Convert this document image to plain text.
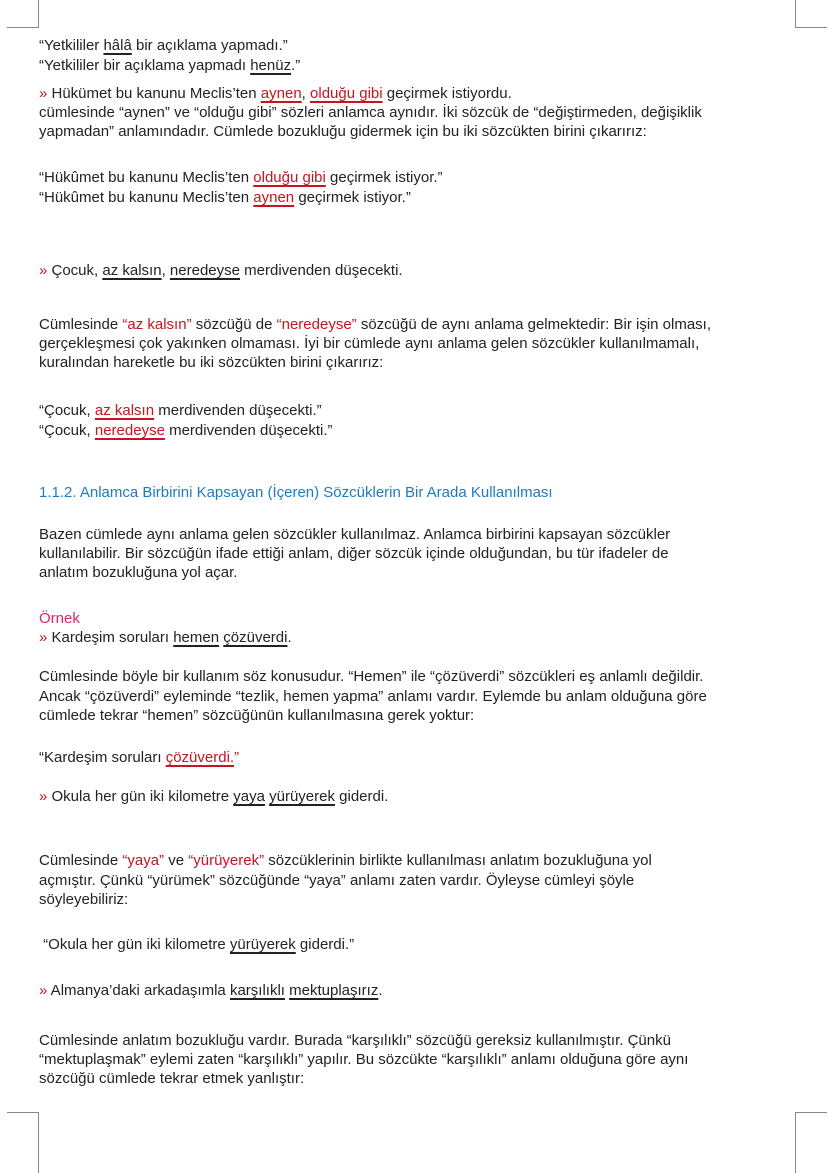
“Yetkililer hâlâ bir açıklama yapmadı.”
“Yetkililer bir açıklama yapmadı henüz.”
» Hükümet bu kanunu Meclis’ten aynen, olduğu gibi geçirmek istiyordu.
cümlesinde “aynen” ve “olduğu gibi” sözleri anlamca aynıdır. İki sözcük de “değiştirmeden, değişiklik
yapmadan” anlamındadır. Cümlede bozukluğu gidermek için bu iki sözcükten birini çıkarırız:
“Hükûmet bu kanunu Meclis’ten olduğu gibi geçirmek istiyor.”
“Hükûmet bu kanunu Meclis’ten aynen geçirmek istiyor.”
» Çocuk, az kalsın, neredeyse merdivenden düşecekti.
Cümlesinde “az kalsın” sözcüğü de “neredeyse” sözcüğü de aynı anlama gelmektedir: Bir işin olması,
gerçekleşmesi çok yakınken olmaması. İyi bir cümlede aynı anlama gelen sözcükler kullanılmamalı,
kuralından hareketle bu iki sözcükten birini çıkarırız:
“Çocuk, az kalsın merdivenden düşecekti.”
“Çocuk, neredeyse merdivenden düşecekti.”
1.1.2. Anlamca Birbirini Kapsayan (İçeren) Sözcüklerin Bir Arada Kullanılması
Bazen cümlede aynı anlama gelen sözcükler kullanılmaz. Anlamca birbirini kapsayan sözcükler
kullanılabilir. Bir sözcüğün ifade ettiği anlam, diğer sözcük içinde olduğundan, bu tür ifadeler de
anlatım bozukluğuna yol açar.
Örnek
» Kardeşim soruları hemen çözüverdi.
Cümlesinde böyle bir kullanım söz konusudur. “Hemen” ile “çözüverdi” sözcükleri eş anlamlı değildir.
Ancak “çözüverdi” eyleminde “tezlik, hemen yapma” anlamı vardır. Eylemde bu anlam olduğuna göre
cümlede tekrar “hemen” sözcüğünün kullanılmasına gerek yoktur:
“Kardeşim soruları çözüverdi.”
» Okula her gün iki kilometre yaya yürüyerek giderdi.
Cümlesinde “yaya” ve “yürüyerek” sözcüklerinin birlikte kullanılması anlatım bozukluğuna yol
açmıştır. Çünkü “yürümek” sözcüğünde “yaya” anlamı zaten vardır. Öyleyse cümleyi şöyle
söyleyebiliriz:
“Okula her gün iki kilometre yürüyerek giderdi.”
» Almanya’daki arkadaşımla karşılıklı mektuplaşırız.
Cümlesinde anlatım bozukluğu vardır. Burada “karşılıklı” sözcüğü gereksiz kullanılmıştır. Çünkü
“mektuplaşmak” eylemi zaten “karşılıklı” yapılır. Bu sözcükte “karşılıklı” anlamı olduğuna göre aynı
sözcüğü cümlede tekrar etmek yanlıştır:
